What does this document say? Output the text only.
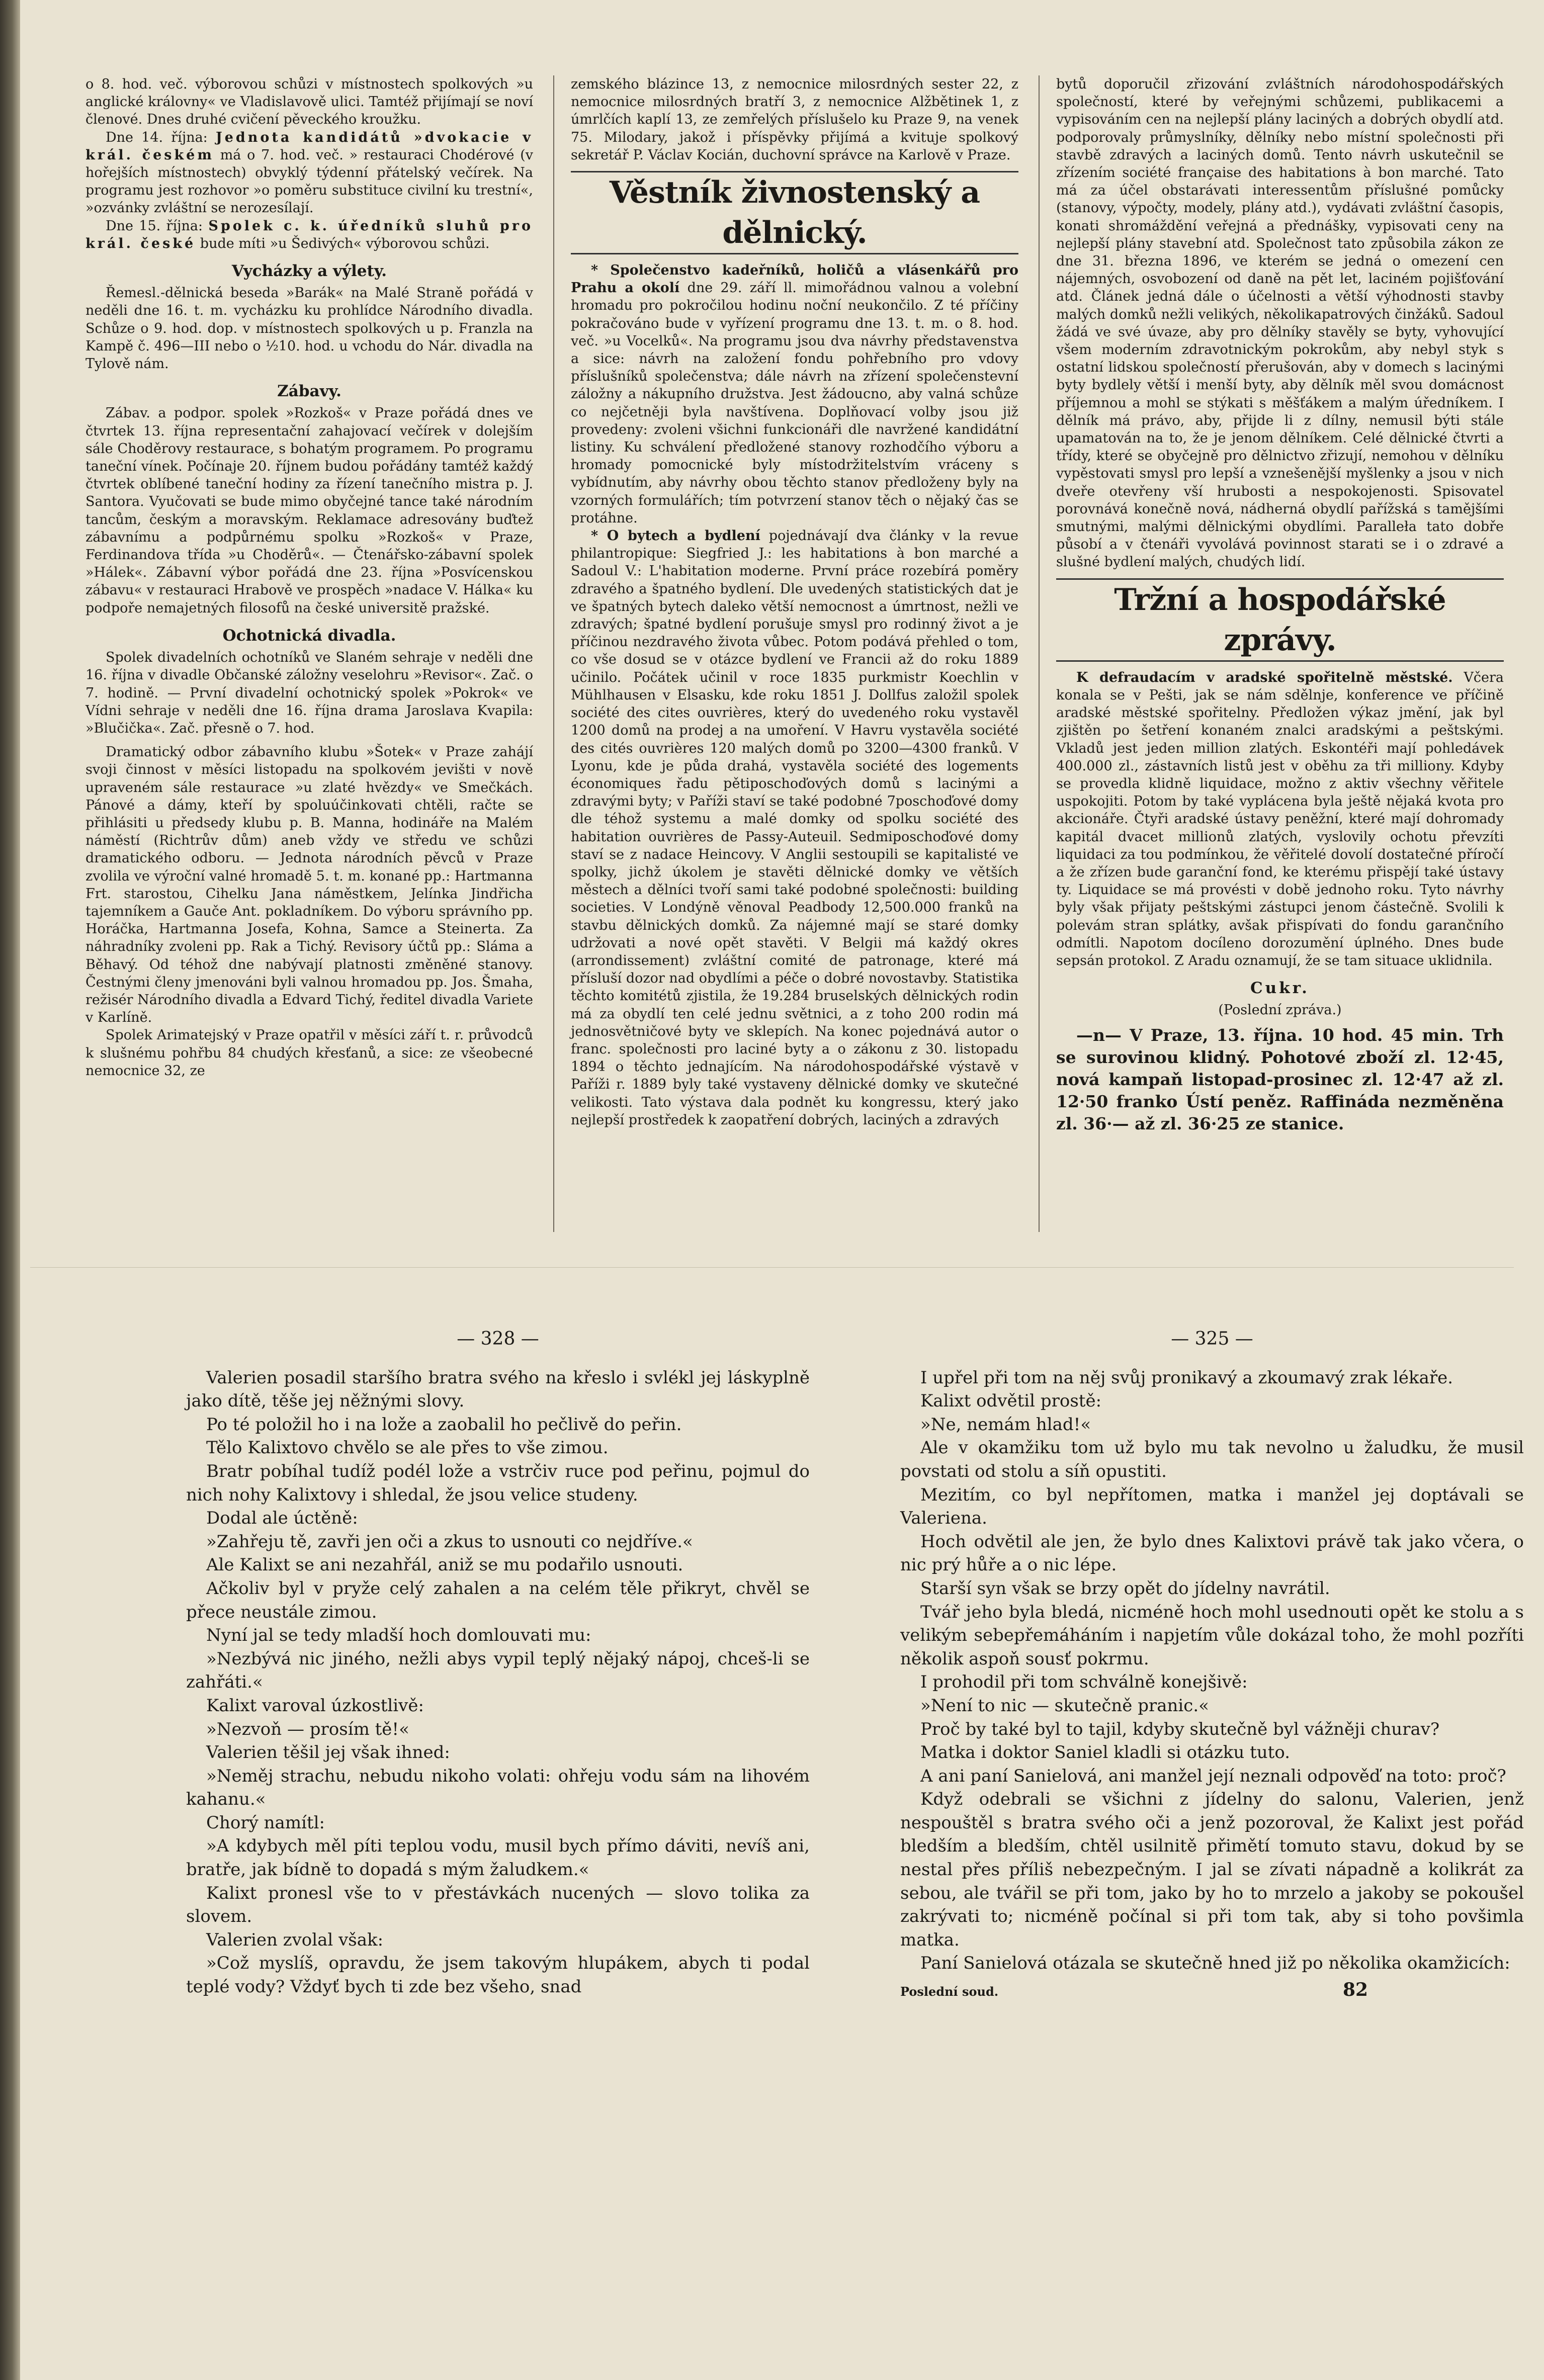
o 8. hod. več. výborovou schůzi v místnostech spolkových »u anglické královny« ve Vladislavově ulici. Tamtéž přijímají se noví členové. Dnes druhé cvičení pěveckého kroužku.

Dne 14. října: Jednota kandidátů »dvokacie v král. českém má o 7. hod. več. » restauraci Chodérové (v hořejších místnostech) obvyklý týdenní přátelský večírek. Na programu jest rozhovor »o poměru substituce civilní ku trestní«, »ozvánky zvláštní se nerozesílají.

Dne 15. října: Spolek c. k. úředníků sluhů pro král. české bude míti »u Šedivých« výborovou schůzi.

Vycházky a výlety.

Řemesl.-dělnická beseda »Barák« na Malé Straně pořádá v neděli dne 16. t. m. vycházku ku prohlídce Národního divadla. Schůze o 9. hod. dop. v místnostech spolkových u p. Franzla na Kampě č. 496—III nebo o ½10. hod. u vchodu do Nár. divadla na Tylově nám.

Zábavy.

Zábav. a podpor. spolek »Rozkoš« v Praze pořádá dnes ve čtvrtek 13. října representační zahajovací večírek v dolejším sále Choděrovy restaurace, s bohatým programem. Po programu taneční vínek. Počínaje 20. říjnem budou pořádány tamtéž každý čtvrtek oblíbené taneční hodiny za řízení tanečního mistra p. J. Santora. Vyučovati se bude mimo obyčejné tance také národním tancům, českým a moravským. Reklamace adresovány buďtež zábavnímu a podpůrnému spolku »Rozkoš« v Praze, Ferdinandova třída »u Choděrů«. — Čtenářsko-zábavní spolek »Hálek«. Zábavní výbor pořádá dne 23. října »Posvícenskou zábavu« v restauraci Hrabově ve prospěch »nadace V. Hálka« ku podpoře nemajetných filosofů na české universitě pražské.

Ochotnická divadla.

Spolek divadelních ochotníků ve Slaném sehraje v neděli dne 16. října v divadle Občanské záložny veselohru »Revisor«. Zač. o 7. hodině. — První divadelní ochotnický spolek »Pokrok« ve Vídni sehraje v neděli dne 16. října drama Jaroslava Kvapila: »Blučička«. Zač. přesně o 7. hod.

Dramatický odbor zábavního klubu »Šotek« v Praze zahájí svoji činnost v měsíci listopadu na spolkovém jevišti v nově upraveném sále restaurace »u zlaté hvězdy« ve Smečkách. Pánové a dámy, kteří by spoluúčinkovati chtěli, račte se přihlásiti u předsedy klubu p. B. Manna, hodináře na Malém náměstí (Richtrův dům) aneb vždy ve středu ve schůzi dramatického odboru. — Jednota národních pěvců v Praze zvolila ve výroční valné hromadě 5. t. m. konané pp.: Hartmanna Frt. starostou, Cihelku Jana náměstkem, Jelínka Jindřicha tajemníkem a Gauče Ant. pokladníkem. Do výboru správního pp. Horáčka, Hartmanna Josefa, Kohna, Samce a Steinerta. Za náhradníky zvoleni pp. Rak a Tichý. Revisory účtů pp.: Sláma a Běhavý. Od téhož dne nabývají platnosti změněné stanovy. Čestnými členy jmenováni byli valnou hromadou pp. Jos. Šmaha, režisér Národního divadla a Edvard Tichý, ředitel divadla Variete v Karlíně.

Spolek Arimatejský v Praze opatřil v měsíci září t. r. průvodců k slušnému pohřbu 84 chudých křesťanů, a sice: ze všeobecné nemocnice 32, ze

zemského blázince 13, z nemocnice milosrdných sester 22, z nemocnice milosrdných bratří 3, z nemocnice Alžbětinek 1, z úmrlčích kaplí 13, ze zemřelých příslušelo ku Praze 9, na venek 75. Milodary, jakož i příspěvky přijímá a kvituje spolkový sekretář P. Václav Kocián, duchovní správce na Karlově v Praze.

Věstník živnostenský a dělnický.

* Společenstvo kadeřníků, holičů a vlásenkářů pro Prahu a okolí dne 29. září ll. mimořádnou valnou a volební hromadu pro pokročilou hodinu noční neukončilo. Z té příčiny pokračováno bude v vyřízení programu dne 13. t. m. o 8. hod. več. »u Vocelků«. Na programu jsou dva návrhy představenstva a sice: návrh na založení fondu pohřebního pro vdovy příslušníků společenstva; dále návrh na zřízení společenstevní záložny a nákupního družstva. Jest žádoucno, aby valná schůze co nejčetněji byla navštívena. Doplňovací volby jsou již provedeny: zvoleni všichni funkcionáři dle navržené kandidátní listiny. Ku schválení předložené stanovy rozhodčího výboru a hromady pomocnické byly místodržitelstvím vráceny s vybídnutím, aby návrhy obou těchto stanov předloženy byly na vzorných formulářích; tím potvrzení stanov těch o nějaký čas se protáhne.

* O bytech a bydlení pojednávají dva články v la revue philantropique: Siegfried J.: les habitations à bon marché a Sadoul V.: L'habitation moderne. První práce rozebírá poměry zdravého a špatného bydlení. Dle uvedených statistických dat je ve špatných bytech daleko větší nemocnost a úmrtnost, nežli ve zdravých; špatné bydlení porušuje smysl pro rodinný život a je příčinou nezdravého života vůbec. Potom podává přehled o tom, co vše dosud se v otázce bydlení ve Francii až do roku 1889 učinilo. Počátek učinil v roce 1835 purkmistr Koechlin v Mühlhausen v Elsasku, kde roku 1851 J. Dollfus založil spolek société des cites ouvrières, který do uvedeného roku vystavěl 1200 domů na prodej a na umoření. V Havru vystavěla société des cités ouvrières 120 malých domů po 3200—4300 franků. V Lyonu, kde je půda drahá, vystavěla société des logements économiques řadu pětiposchoďových domů s lacinými a zdravými byty; v Paříži staví se také podobné 7poschoďové domy dle téhož systemu a malé domky od spolku société des habitation ouvrières de Passy-Auteuil. Sedmiposchoďové domy staví se z nadace Heincovy. V Anglii sestoupili se kapitalisté ve spolky, jichž úkolem je stavěti dělnické domky ve větších městech a dělníci tvoří sami také podobné společnosti: building societies. V Londýně věnoval Peadbody 12,500.000 franků na stavbu dělnických domků. Za nájemné mají se staré domky udržovati a nové opět stavěti. V Belgii má každý okres (arrondissement) zvláštní comité de patronage, které má přísluší dozor nad obydlími a péče o dobré novostavby. Statistika těchto komitétů zjistila, že 19.284 bruselských dělnických rodin má za obydlí ten celé jednu světnici, a z toho 200 rodin má jednosvětničové byty ve sklepích. Na konec pojednává autor o franc. společnosti pro laciné byty a o zákonu z 30. listopadu 1894 o těchto jednajícím. Na národohospodářské výstavě v Paříži r. 1889 byly také vystaveny dělnické domky ve skutečné velikosti. Tato výstava dala podnět ku kongressu, který jako nejlepší prostředek k zaopatření dobrých, laciných a zdravých

bytů doporučil zřizování zvláštních národohospodářských společností, které by veřejnými schůzemi, publikacemi a vypisováním cen na nejlepší plány laciných a dobrých obydlí atd. podporovaly průmyslníky, dělníky nebo místní společnosti při stavbě zdravých a laciných domů. Tento návrh uskutečnil se zřízením société française des habitations à bon marché. Tato má za účel obstarávati interessentům příslušné pomůcky (stanovy, výpočty, modely, plány atd.), vydávati zvláštní časopis, konati shromáždění veřejná a přednášky, vypisovati ceny na nejlepší plány stavební atd. Společnost tato způsobila zákon ze dne 31. března 1896, ve kterém se jedná o omezení cen nájemných, osvobození od daně na pět let, laciném pojišťování atd. Článek jedná dále o účelnosti a větší výhodnosti stavby malých domků nežli velikých, několikapatrových činžáků. Sadoul žádá ve své úvaze, aby pro dělníky stavěly se byty, vyhovující všem moderním zdravotnickým pokrokům, aby nebyl styk s ostatní lidskou společností přerušován, aby v domech s lacinými byty bydlely větší i menší byty, aby dělník měl svou domácnost příjemnou a mohl se stýkati s měšťákem a malým úředníkem. I dělník má právo, aby, přijde li z dílny, nemusil býti stále upamatován na to, že je jenom dělníkem. Celé dělnické čtvrti a třídy, které se obyčejně pro dělnictvo zřizují, nemohou v dělníku vypěstovati smysl pro lepší a vznešenější myšlenky a jsou v nich dveře otevřeny vší hrubosti a nespokojenosti. Spisovatel porovnává konečně nová, nádherná obydlí pařížská s tamějšími smutnými, malými dělnickými obydlími. Paralleła tato dobře působí a v čtenáři vyvolává povinnost starati se i o zdravé a slušné bydlení malých, chudých lidí.

Tržní a hospodářské zprávy.

K defraudacím v aradské spořitelně městské. Včera konala se v Pešti, jak se nám sdělnje, konference ve příčině aradské městské spořitelny. Předložen výkaz jmění, jak byl zjištěn po šetření konaném znalci aradskými a peštskými. Vkladů jest jeden million zlatých. Eskontéři mají pohledávek 400.000 zl., zástavních listů jest v oběhu za tři milliony. Kdyby se provedla klidně liquidace, možno z aktiv všechny věřitele uspokojiti. Potom by také vyplácena byla ještě nějaká kvota pro akcionáře. Čtyři aradské ústavy peněžní, které mají dohromady kapitál dvacet millionů zlatých, vyslovily ochotu převzíti liquidaci za tou podmínkou, že věřitelé dovolí dostatečné příročí a že zřízen bude garanční fond, ke kterému přispějí také ústavy ty. Liquidace se má provésti v době jednoho roku. Tyto návrhy byly však přijaty peštskými zástupci jenom částečně. Svolili k polevám stran splátky, avšak přispívati do fondu garančního odmítli. Napotom docíleno dorozumění úplného. Dnes bude sepsán protokol. Z Aradu oznamují, že se tam situace uklidnila.

Cukr.

(Poslední zpráva.)

—n— V Praze, 13. října. 10 hod. 45 min. Trh se surovinou klidný. Pohotové zboží zl. 12·45, nová kampaň listopad-prosinec zl. 12·47 až zl. 12·50 franko Ústí peněz. Raffináda nezměněna zl. 36·— až zl. 36·25 ze stanice.

— 328 —

Valerien posadil staršího bratra svého na křeslo i svlékl jej láskyplně jako dítě, těše jej něžnými slovy.

Po té položil ho i na lože a zaobalil ho pečlivě do peřin.

Tělo Kalixtovo chvělo se ale přes to vše zimou.

Bratr pobíhal tudíž podél lože a vstrčiv ruce pod peřinu, pojmul do nich nohy Kalixtovy i shledal, že jsou velice studeny.

Dodal ale úctěně:

»Zahřeju tě, zavři jen oči a zkus to usnouti co nejdříve.«

Ale Kalixt se ani nezahřál, aniž se mu podařilo usnouti.

Ačkoliv byl v pryže celý zahalen a na celém těle přikryt, chvěl se přece neustále zimou.

Nyní jal se tedy mladší hoch domlouvati mu:

»Nezbývá nic jiného, nežli abys vypil teplý nějaký nápoj, chceš-li se zahřáti.«

Kalixt varoval úzkostlivě:

»Nezvoň — prosím tě!«

Valerien těšil jej však ihned:

»Neměj strachu, nebudu nikoho volati: ohřeju vodu sám na lihovém kahanu.«

Chorý namítl:

»A kdybych měl píti teplou vodu, musil bych přímo dáviti, nevíš ani, bratře, jak bídně to dopadá s mým žaludkem.«

Kalixt pronesl vše to v přestávkách nucených — slovo tolika za slovem.

Valerien zvolal však:

»Což myslíš, opravdu, že jsem takovým hlupákem, abych ti podal teplé vody? Vždyť bych ti zde bez všeho, snad

— 325 —

I upřel při tom na něj svůj pronikavý a zkoumavý zrak lékaře.

Kalixt odvětil prostě:

»Ne, nemám hlad!«

Ale v okamžiku tom už bylo mu tak nevolno u žaludku, že musil povstati od stolu a síň opustiti.

Mezitím, co byl nepřítomen, matka i manžel jej doptávali se Valeriena.

Hoch odvětil ale jen, že bylo dnes Kalixtovi právě tak jako včera, o nic prý hůře a o nic lépe.

Starší syn však se brzy opět do jídelny navrátil.

Tvář jeho byla bledá, nicméně hoch mohl usednouti opět ke stolu a s velikým sebepřemáháním i napjetím vůle dokázal toho, že mohl pozříti několik aspoň sousť pokrmu.

I prohodil při tom schválně konejšivě:

»Není to nic — skutečně pranic.«

Proč by také byl to tajil, kdyby skutečně byl vážněji churav?

Matka i doktor Saniel kladli si otázku tuto.

A ani paní Sanielová, ani manžel její neznali odpověď na toto: proč?

Když odebrali se všichni z jídelny do salonu, Valerien, jenž nespouštěl s bratra svého oči a jenž pozoroval, že Kalixt jest pořád bledším a bledším, chtěl usilnitě přimětí tomuto stavu, dokud by se nestal přes příliš nebezpečným. I jal se zívati nápadně a kolikrát za sebou, ale tvářil se při tom, jako by ho to mrzelo a jakoby se pokoušel zakrývati to; nicméně počínal si při tom tak, aby si toho povšimla matka.

Paní Sanielová otázala se skutečně hned již po několika okamžicích:

Poslední soud.	82
